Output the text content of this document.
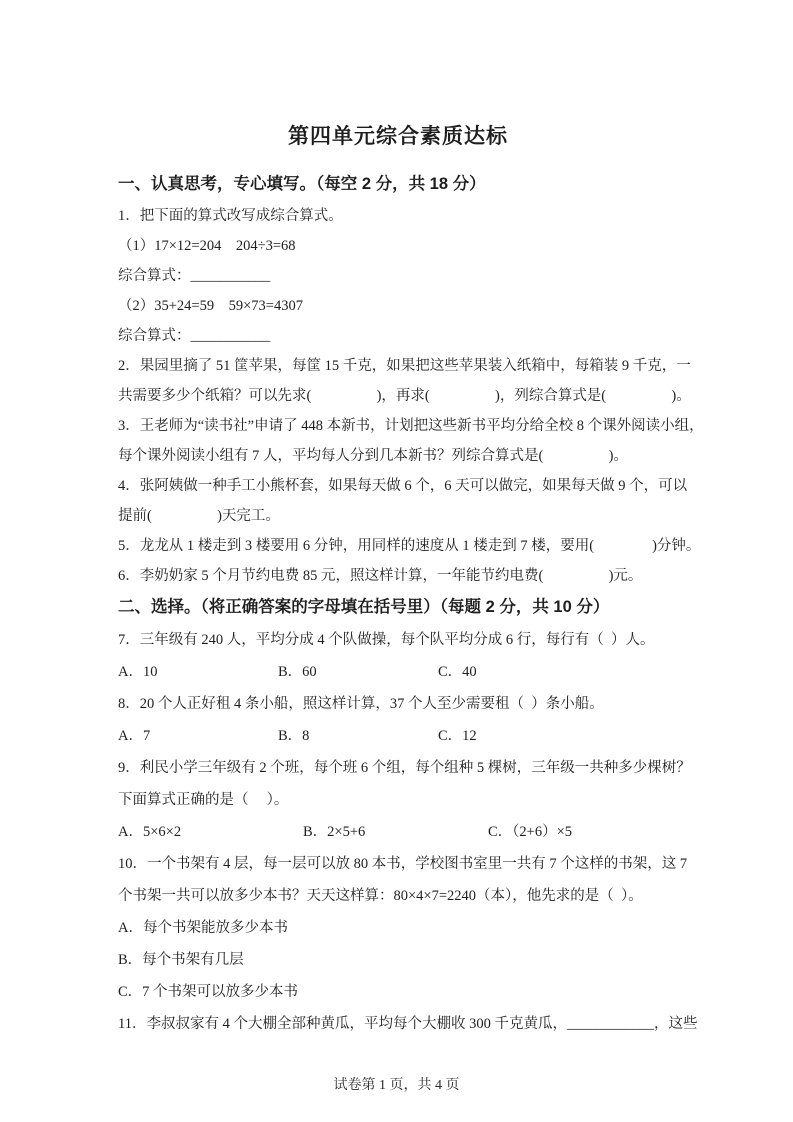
第四单元综合素质达标
一、认真思考，专心填写。（每空 2 分，共 18 分）
1．把下面的算式改写成综合算式。
（1）17×12=204    204÷3=68
综合算式：___________
（2）35+24=59    59×73=4307
综合算式：___________
2．果园里摘了 51 筐苹果，每筐 15 千克，如果把这些苹果装入纸箱中，每箱装 9 千克，一
共需要多少个纸箱？可以先求(                  )，再求(                  )，列综合算式是(                  )。
3．王老师为“读书社”申请了 448 本新书，计划把这些新书平均分给全校 8 个课外阅读小组，
每个课外阅读小组有 7 人，平均每人分到几本新书？列综合算式是(                  )。
4．张阿姨做一种手工小熊杯套，如果每天做 6 个，6 天可以做完，如果每天做 9 个，可以
提前(                  )天完工。
5．龙龙从 1 楼走到 3 楼要用 6 分钟，用同样的速度从 1 楼走到 7 楼，要用(                )分钟。
6．李奶奶家 5 个月节约电费 85 元，照这样计算，一年能节约电费(                  )元。
二、选择。（将正确答案的字母填在括号里）（每题 2 分，共 10 分）
7．三年级有 240 人，平均分成 4 个队做操，每个队平均分成 6 行，每行有（  ）人。
A．10	B．60	C．40
8．20 个人正好租 4 条小船，照这样计算，37 个人至少需要租（  ）条小船。
A．7	B．8	C．12
9．利民小学三年级有 2 个班，每个班 6 个组，每个组种 5 棵树，三年级一共种多少棵树？
下面算式正确的是（     ）。
A．5×6×2	B．2×5+6	C．（2+6）×5
10．一个书架有 4 层，每一层可以放 80 本书，学校图书室里一共有 7 个这样的书架，这 7
个书架一共可以放多少本书？天天这样算：80×4×7=2240（本），他先求的是（  ）。
A．每个书架能放多少本书
B．每个书架有几层
C．7 个书架可以放多少本书
11．李叔叔家有 4 个大棚全部种黄瓜，平均每个大棚收 300 千克黄瓜，____________，这些
试卷第 1 页，共 4 页
